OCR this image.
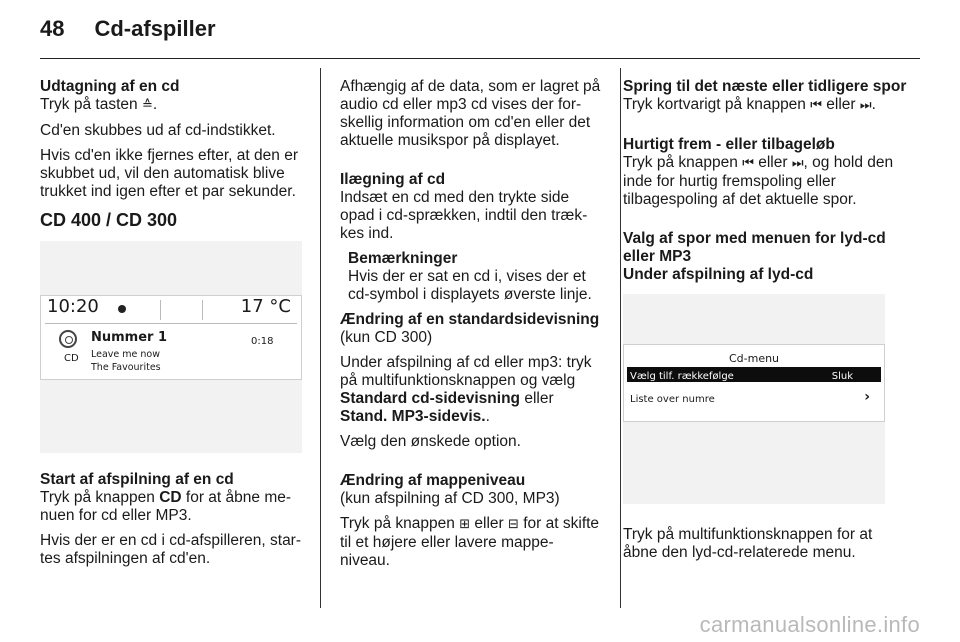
48 Cd-afspiller

Udtagning af en cd

Tryk på tasten ≙.

Cd'en skubbes ud af cd-indstikket.

Hvis cd'en ikke fjernes efter, at den er skubbet ud, vil den automatisk blive trukket ind igen efter et par sekunder.

CD 400 / CD 300
10:20	17 °C
CD
Nummer 1
Leave me now
The Favourites
0:18

Start af afspilning af en cd

Tryk på knappen CD for at åbne me-nuen for cd eller MP3.

Hvis der er en cd i cd-afspilleren, star-tes afspilningen af cd'en.

Afhængig af de data, som er lagret på audio cd eller mp3 cd vises der for-skellig information om cd'en eller det aktuelle musikspor på displayet.

Ilægning af cd

Indsæt en cd med den trykte side opad i cd-sprækken, indtil den træk-kes ind.

Bemærkninger

Hvis der er sat en cd i, vises der et cd-symbol i displayets øverste linje.

Ændring af en standardsidevisning

(kun CD 300)

Under afspilning af cd eller mp3: tryk på multifunktionsknappen og vælg Standard cd-sidevisning eller Stand. MP3-sidevis..

Vælg den ønskede option.

Ændring af mappeniveau

(kun afspilning af CD 300, MP3)

Tryk på knappen ⊞ eller ⊟ for at skifte til et højere eller lavere mappe-niveau.

Spring til det næste eller tidligere spor

Tryk kortvarigt på knappen ⏮ eller ⏭.

Hurtigt frem - eller tilbageløb

Tryk på knappen ⏮ eller ⏭, og hold den inde for hurtig fremspoling eller tilbagespoling af det aktuelle spor.

Valg af spor med menuen for lyd-cd eller MP3

Under afspilning af lyd-cd

Cd-menu
Vælg tilf. rækkefølge	Sluk
Liste over numre	›

Tryk på multifunktionsknappen for at åbne den lyd-cd-relaterede menu.

carmanualsonline.info
